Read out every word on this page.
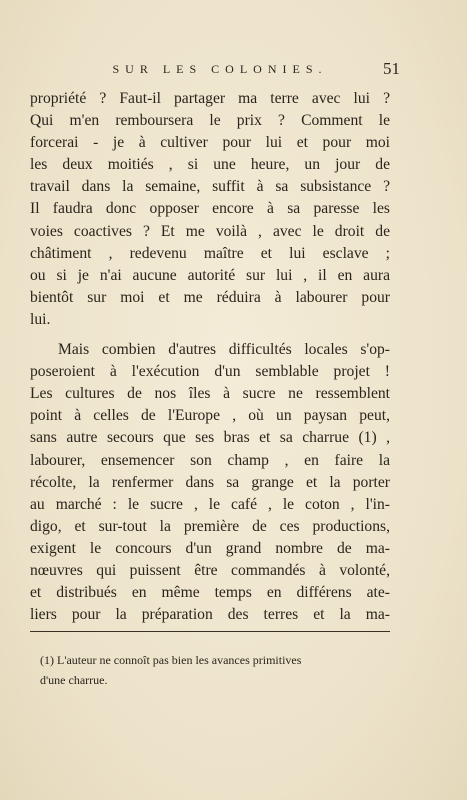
SUR LES COLONIES.	51
propriété ? Faut-il partager ma terre avec lui ?
Qui m'en remboursera le prix ? Comment le
forcerai - je à cultiver pour lui et pour moi
les deux moitiés , si une heure, un jour de
travail dans la semaine, suffit à sa subsistance ?
Il faudra donc opposer encore à sa paresse les
voies coactives ? Et me voilà , avec le droit de
châtiment , redevenu maître et lui esclave ;
ou si je n'ai aucune autorité sur lui , il en aura
bientôt sur moi et me réduira à labourer pour
lui.
Mais combien d'autres difficultés locales s'op-
poseroient à l'exécution d'un semblable projet !
Les cultures de nos îles à sucre ne ressemblent
point à celles de l'Europe , où un paysan peut,
sans autre secours que ses bras et sa charrue (1) ,
labourer, ensemencer son champ , en faire la
récolte, la renfermer dans sa grange et la porter
au marché : le sucre , le café , le coton , l'in-
digo, et sur-tout la première de ces productions,
exigent le concours d'un grand nombre de ma-
nœuvres qui puissent être commandés à volonté,
et distribués en même temps en différens ate-
liers pour la préparation des terres et la ma-
(1) L'auteur ne connoît pas bien les avances primitives
d'une charrue.
